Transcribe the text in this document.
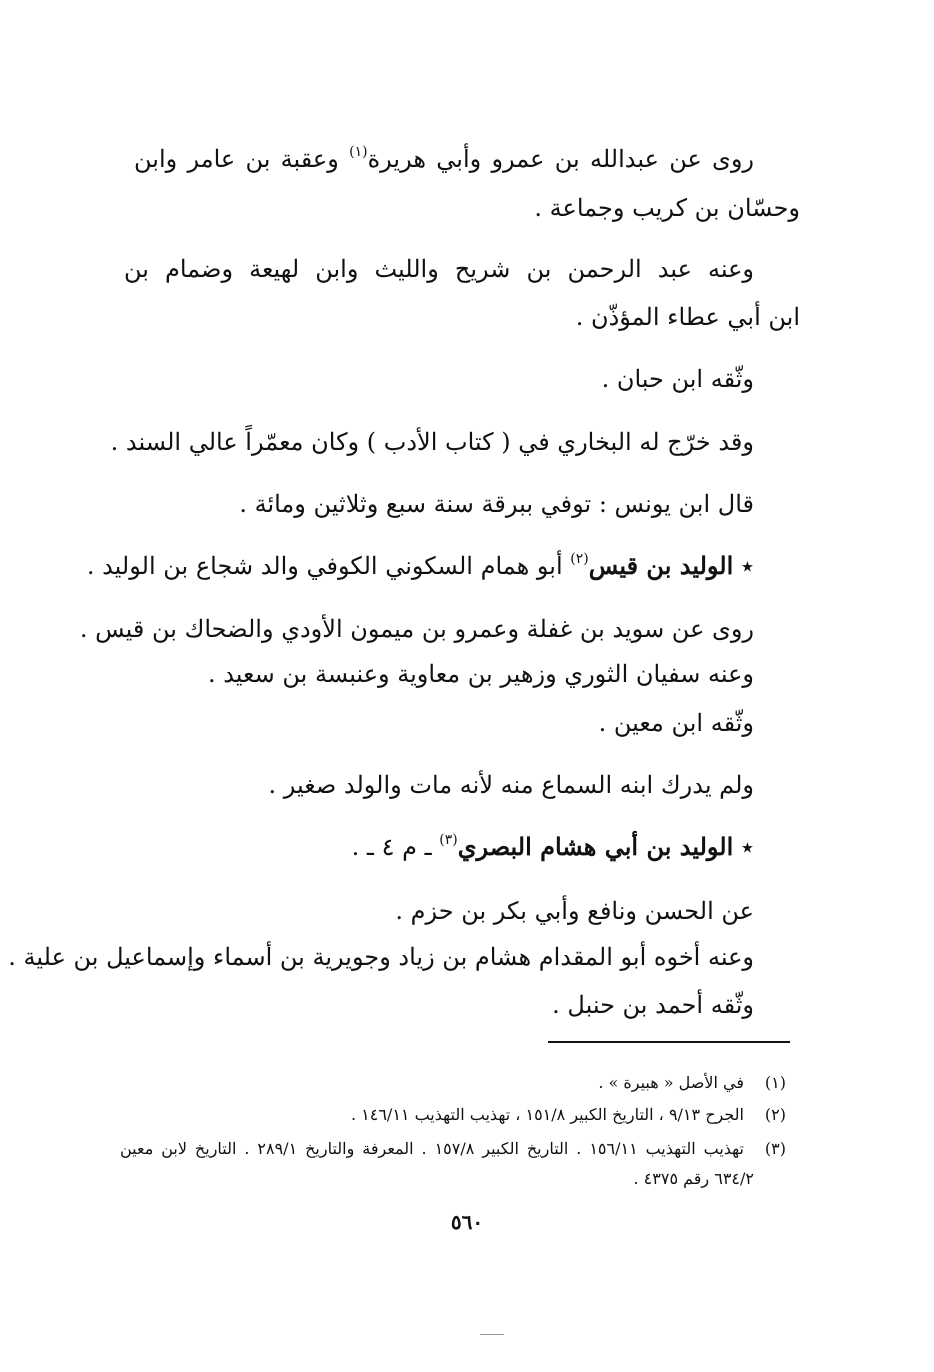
روى عن عبدالله بن عمرو وأبي هريرة$^{(١)}$ وعقبة بن عامر وابن
وحسّان بن كريب وجماعة .
وعنه عبد الرحمن بن شريح والليث وابن لهيعة وضمام بن
ابن أبي عطاء المؤذّن .
وثّقه ابن حبان .
وقد خرّج له البخاري في ( كتاب الأدب ) وكان معمّراً عالي السند .
قال ابن يونس : توفي ببرقة سنة سبع وثلاثين ومائة .
٭ الوليد بن قيس$^{(٢)}$ أبو همام السكوني الكوفي والد شجاع بن الوليد .
روى عن سويد بن غفلة وعمرو بن ميمون الأودي والضحاك بن قيس .
وعنه سفيان الثوري وزهير بن معاوية وعنبسة بن سعيد .
وثّقه ابن معين .
ولم يدرك ابنه السماع منه لأنه مات والولد صغير .
٭ الوليد بن أبي هشام البصري$^{(٣)}$ ـ م ٤ ـ .
عن الحسن ونافع وأبي بكر بن حزم .
وعنه أخوه أبو المقدام هشام بن زياد وجويرية بن أسماء وإسماعيل بن علية .
وثّقه أحمد بن حنبل .
(١)
في الأصل « هبيرة » .
(٢)
الجرح ٩/١٣ ، التاريخ الكبير ١٥١/٨ ، تهذيب التهذيب ١٤٦/١١ .
(٣)
تهذيب التهذيب ١٥٦/١١ . التاريخ الكبير ١٥٧/٨ . المعرفة والتاريخ ٢٨٩/١ . التاريخ لابن معين
٦٣٤/٢ رقم ٤٣٧٥ .
٥٦٠
